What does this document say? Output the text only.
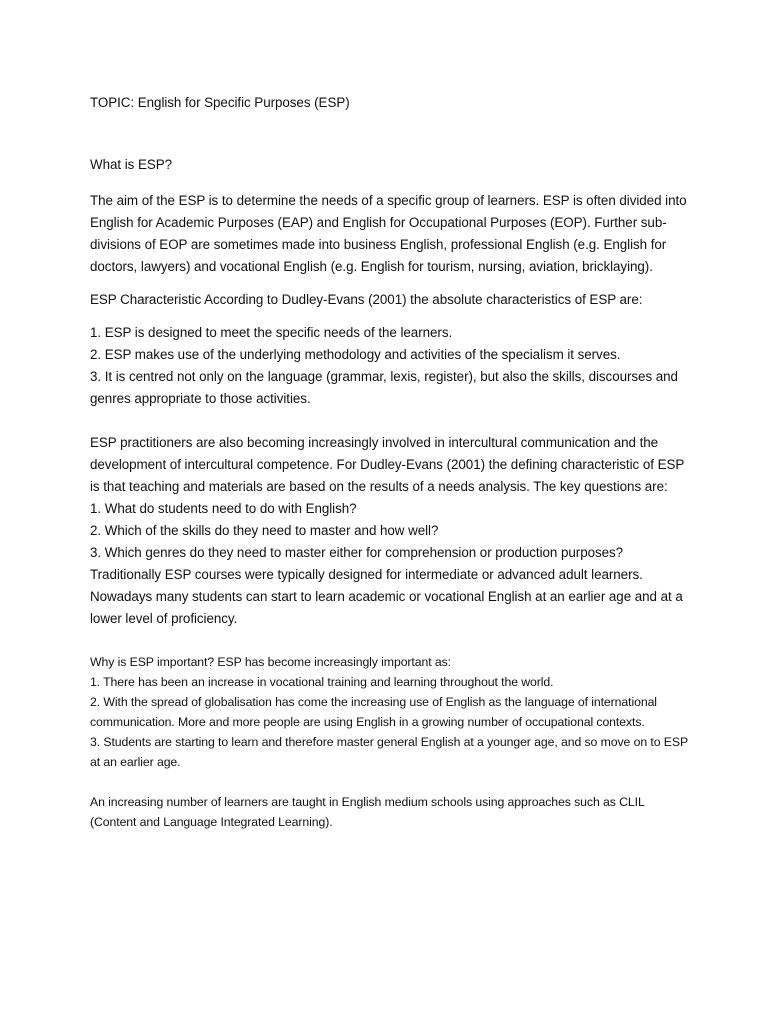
TOPIC: English for Specific Purposes (ESP)

What is ESP?

The aim of the ESP is to determine the needs of a specific group of learners. ESP is often divided into English for Academic Purposes (EAP) and English for Occupational Purposes (EOP). Further sub-divisions of EOP are sometimes made into business English, professional English (e.g. English for doctors, lawyers) and vocational English (e.g. English for tourism, nursing, aviation, bricklaying).

ESP Characteristic According to Dudley-Evans (2001) the absolute characteristics of ESP are:

1. ESP is designed to meet the specific needs of the learners.
2. ESP makes use of the underlying methodology and activities of the specialism it serves.
3. It is centred not only on the language (grammar, lexis, register), but also the skills, discourses and genres appropriate to those activities.

ESP practitioners are also becoming increasingly involved in intercultural communication and the development of intercultural competence. For Dudley-Evans (2001) the defining characteristic of ESP is that teaching and materials are based on the results of a needs analysis. The key questions are:

1. What do students need to do with English?
2. Which of the skills do they need to master and how well?
3. Which genres do they need to master either for comprehension or production purposes?

Traditionally ESP courses were typically designed for intermediate or advanced adult learners. Nowadays many students can start to learn academic or vocational English at an earlier age and at a lower level of proficiency.

Why is ESP important? ESP has become increasingly important as:
1. There has been an increase in vocational training and learning throughout the world.
2. With the spread of globalisation has come the increasing use of English as the language of international communication. More and more people are using English in a growing number of occupational contexts.
3. Students are starting to learn and therefore master general English at a younger age, and so move on to ESP at an earlier age.
An increasing number of learners are taught in English medium schools using approaches such as CLIL (Content and Language Integrated Learning).
